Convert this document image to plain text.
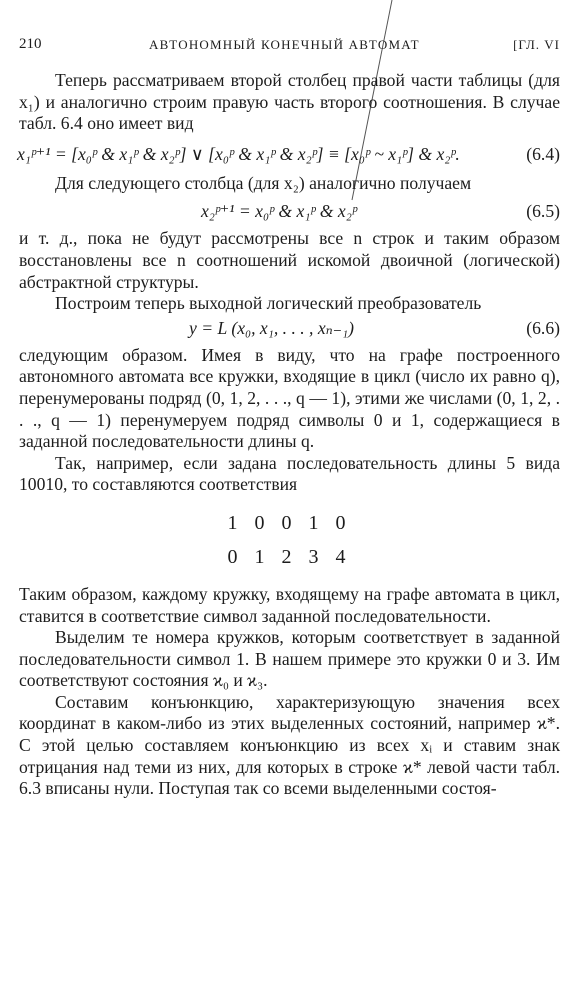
210	АВТОНОМНЫЙ КОНЕЧНЫЙ АВТОМАТ	[ГЛ. VI

Теперь рассматриваем второй столбец правой части таблицы (для x₁) и аналогично строим правую часть второго соотношения. В случае табл. 6.4 оно имеет вид

x₁ᵖ⁺¹ = [x₀ᵖ & x₁ᵖ & x₂ᵖ] ∨ [x₀ᵖ & x₁ᵖ & x₂ᵖ] ≡ [x₀ᵖ ~ x₁ᵖ] & x₂ᵖ.	(6.4)

Для следующего столбца (для x₂) аналогично получаем

x₂ᵖ⁺¹ = x₀ᵖ & x₁ᵖ & x₂ᵖ	(6.5)

и т. д., пока не будут рассмотрены все n строк и таким образом восстановлены все n соотношений искомой двоичной (логической) абстрактной структуры.

Построим теперь выходной логический преобразователь

y = L (x₀, x₁, . . . , xₙ₋₁)	(6.6)

следующим образом. Имея в виду, что на графе построенного автономного автомата все кружки, входящие в цикл (число их равно q), перенумерованы подряд (0, 1, 2, . . ., q — 1), этими же числами (0, 1, 2, . . ., q — 1) перенумеруем подряд символы 0 и 1, содержащиеся в заданной последовательности длины q.

Так, например, если задана последовательность длины 5 вида 10010, то составляются соответствия

1 0 0 1 0
0 1 2 3 4

Таким образом, каждому кружку, входящему на графе автомата в цикл, ставится в соответствие символ заданной последовательности.

Выделим те номера кружков, которым соответствует в заданной последовательности символ 1. В нашем примере это кружки 0 и 3. Им соответствуют состояния ϰ₀ и ϰ₃.

Составим конъюнкцию, характеризующую значения всех координат в каком-либо из этих выделенных состояний, например ϰ*. С этой целью составляем конъюнкцию из всех xᵢ и ставим знак отрицания над теми из них, для которых в строке ϰ* левой части табл. 6.3 вписаны нули. Поступая так со всеми выделенными состоя-
